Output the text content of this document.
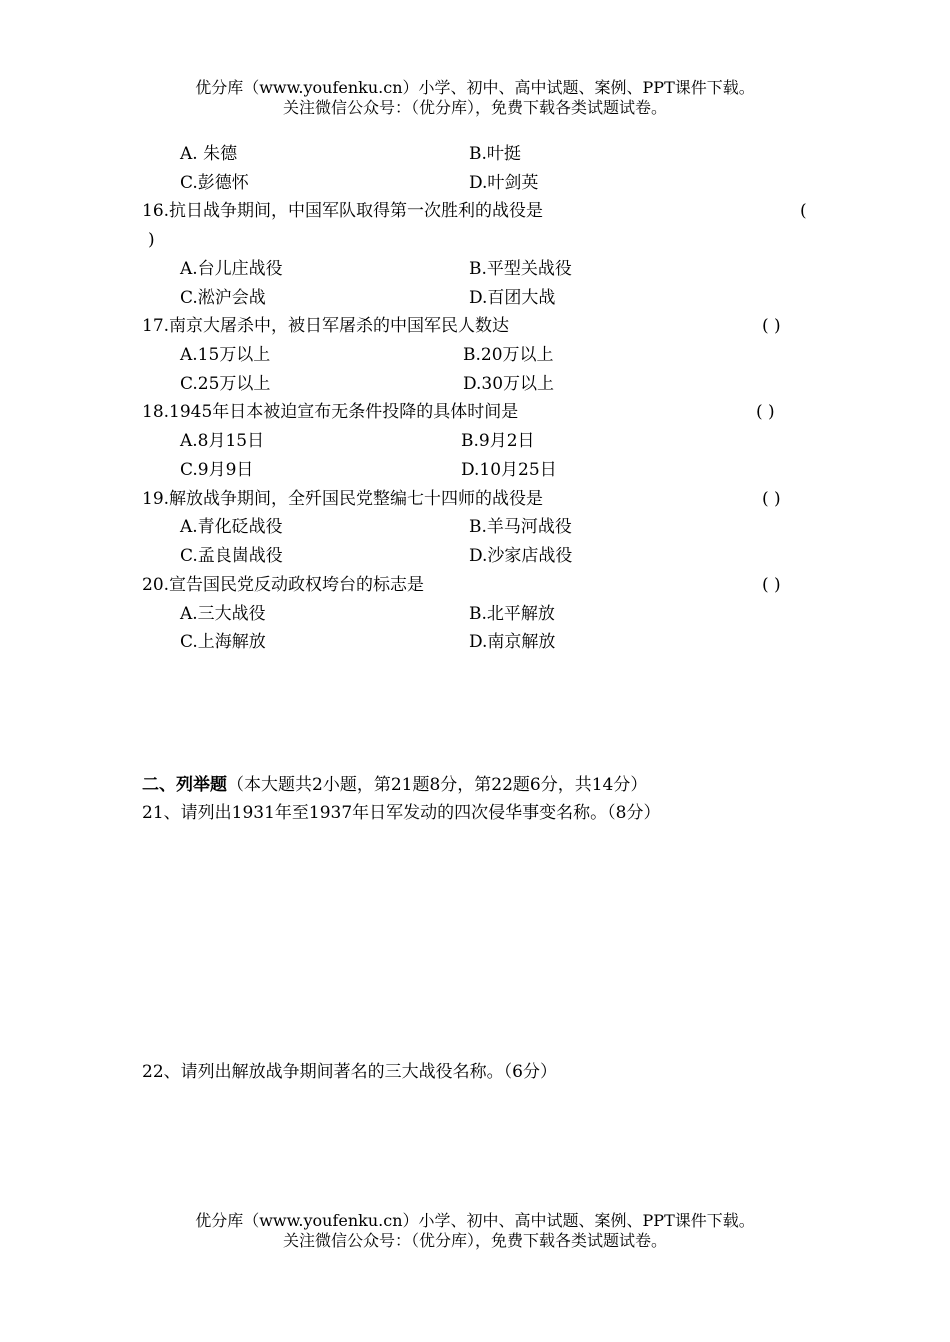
优分库（www.youfenku.cn）小学、初中、高中试题、案例、PPT课件下载。
关注微信公众号：（优分库），免费下载各类试题试卷。
A. 朱德	B.叶挺
C.彭德怀	D.叶剑英
16.抗日战争期间，中国军队取得第一次胜利的战役是	(
)
A.台儿庄战役	B.平型关战役
C.淞沪会战	D.百团大战
17.南京大屠杀中，被日军屠杀的中国军民人数达	( )
A.15万以上	B.20万以上
C.25万以上	D.30万以上
18.1945年日本被迫宣布无条件投降的具体时间是	( )
A.8月15日	B.9月2日
C.9月9日	D.10月25日
19.解放战争期间，全歼国民党整编七十四师的战役是	( )
A.青化砭战役	B.羊马河战役
C.孟良崮战役	D.沙家店战役
20.宣告国民党反动政权垮台的标志是	( )
A.三大战役	B.北平解放
C.上海解放	D.南京解放
二、列举题（本大题共2小题，第21题8分，第22题6分，共14分）
21、请列出1931年至1937年日军发动的四次侵华事变名称。（8分）
22、请列出解放战争期间著名的三大战役名称。（6分）
优分库（www.youfenku.cn）小学、初中、高中试题、案例、PPT课件下载。
关注微信公众号：（优分库），免费下载各类试题试卷。
